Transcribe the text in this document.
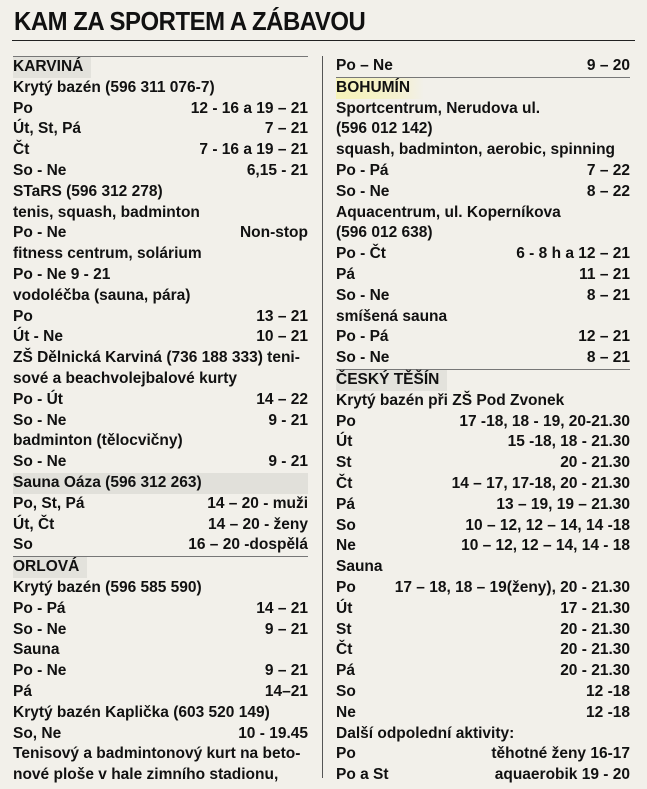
KAM ZA SPORTEM A ZÁBAVOU
KARVINÁ
Krytý bazén (596 311 076-7)
Po	12 - 16 a 19 – 21
Út, St, Pá	7 – 21
Čt	7 - 16 a 19 – 21
So - Ne	6,15 - 21
STaRS (596 312 278)
tenis, squash, badminton
Po - Ne	Non-stop
fitness centrum, solárium
Po - Ne 9 - 21
vodoléčba (sauna, pára)
Po	13 – 21
Út - Ne	10 – 21
ZŠ Dělnická Karviná (736 188 333) teni-
sové a beachvolejbalové kurty
Po - Út	14 – 22
So - Ne	9 - 21
badminton (tělocvičny)
So - Ne	9 - 21
Sauna Oáza (596 312 263)
Po, St, Pá	14 – 20 - muži
Út, Čt	14 – 20 - ženy
So	16 – 20 -dospělá
ORLOVÁ
Krytý bazén (596 585 590)
Po - Pá	14 – 21
So - Ne	9 – 21
Sauna
Po - Ne	9 – 21
Pá	14–21
Krytý bazén Kaplička (603 520 149)
So, Ne	10 - 19.45
Tenisový a badmintonový kurt na beto-
nové ploše v hale zimního stadionu,
Po – Ne	9 – 20
BOHUMÍN
Sportcentrum, Nerudova ul.
(596 012 142)
squash, badminton, aerobic, spinning
Po - Pá	7 – 22
So - Ne	8 – 22
Aquacentrum, ul. Koperníkova
(596 012 638)
Po - Čt	6 - 8 h a 12 – 21
Pá	11 – 21
So - Ne	8 – 21
smíšená sauna
Po - Pá	12 – 21
So - Ne	8 – 21
ČESKÝ TĚŠÍN
Krytý bazén při ZŠ Pod Zvonek
Po	17 -18, 18 - 19, 20-21.30
Út	15 -18, 18 - 21.30
St	20 - 21.30
Čt	14 – 17, 17-18, 20 - 21.30
Pá	13 – 19, 19 – 21.30
So	10 – 12, 12 – 14, 14 -18
Ne	10 – 12, 12 – 14, 14 - 18
Sauna
Po	17 – 18, 18 – 19(ženy), 20 - 21.30
Út	17 - 21.30
St	20 - 21.30
Čt	20 - 21.30
Pá	20 - 21.30
So	12 -18
Ne	12 -18
Další odpolední aktivity:
Po	těhotné ženy 16-17
Po a St	aquaerobik 19 - 20
